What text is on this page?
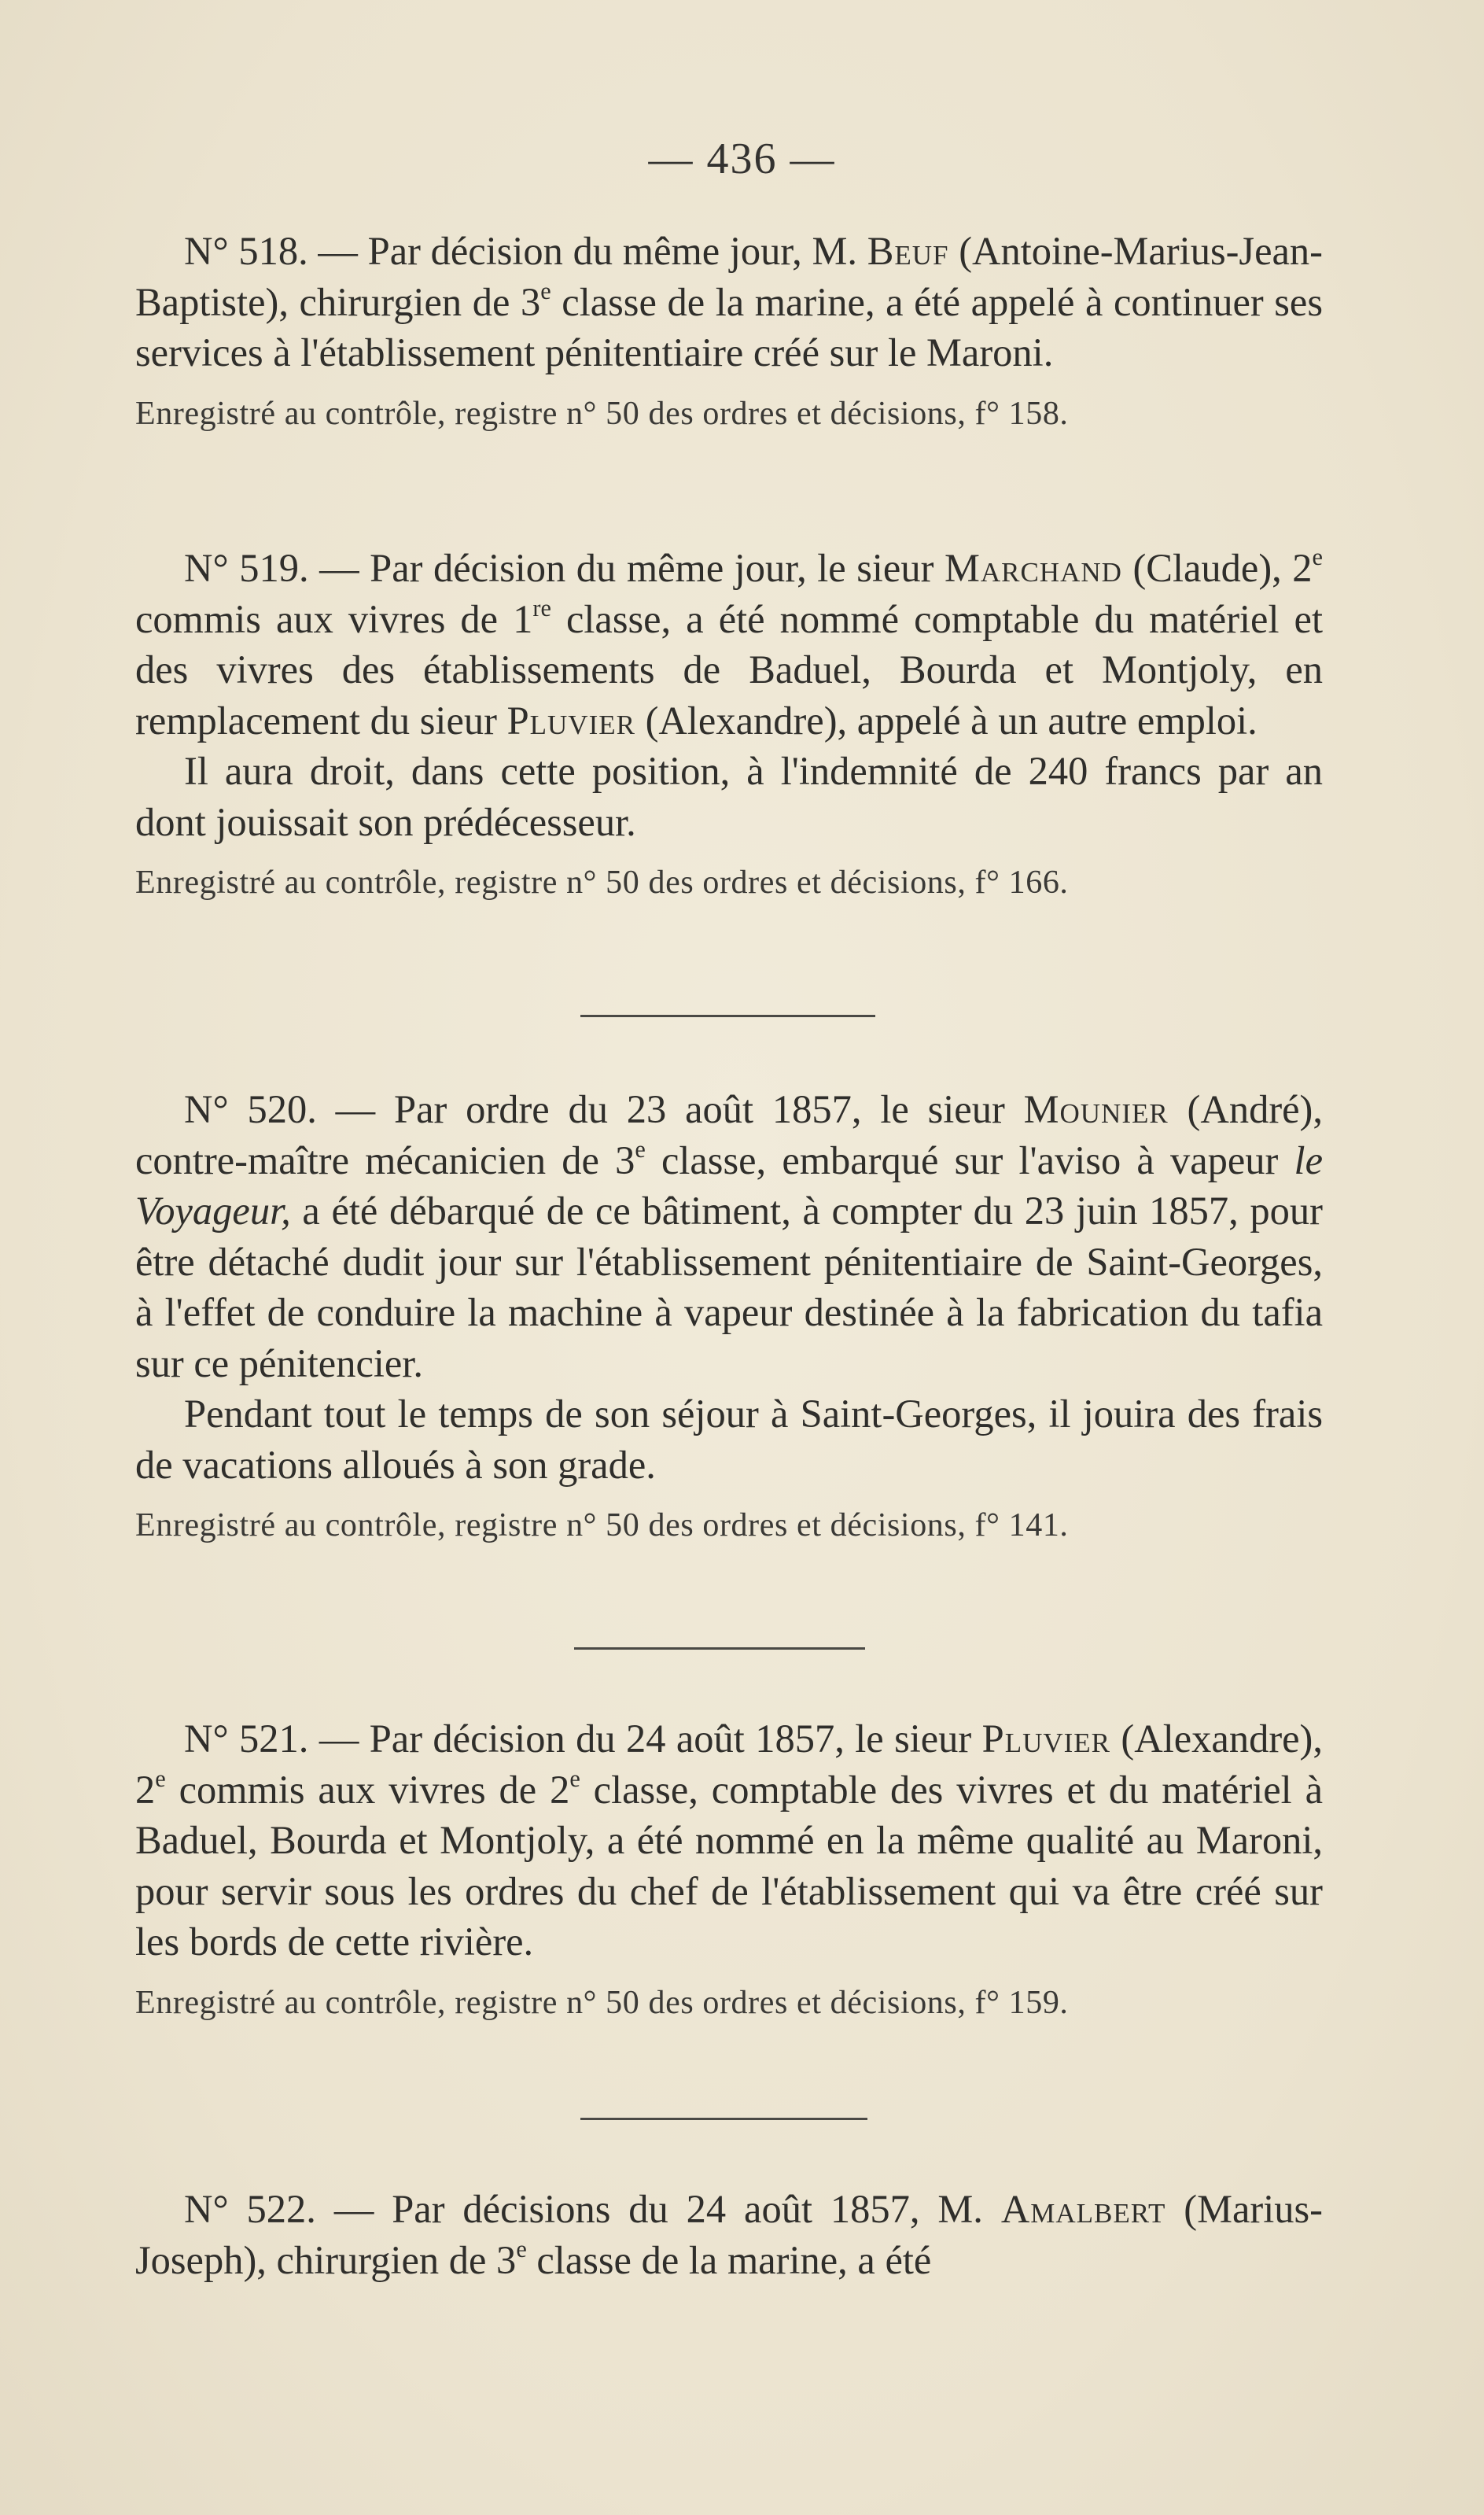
— 436 —

N° 518. — Par décision du même jour, M. Beuf (Antoine-Marius-Jean-Baptiste), chirurgien de 3e classe de la marine, a été appelé à continuer ses services à l'établissement pénitentiaire créé sur le Maroni.

Enregistré au contrôle, registre n° 50 des ordres et décisions, f° 158.

N° 519. — Par décision du même jour, le sieur Marchand (Claude), 2e commis aux vivres de 1re classe, a été nommé comptable du matériel et des vivres des établissements de Baduel, Bourda et Montjoly, en remplacement du sieur Pluvier (Alexandre), appelé à un autre emploi.

Il aura droit, dans cette position, à l'indemnité de 240 francs par an dont jouissait son prédécesseur.

Enregistré au contrôle, registre n° 50 des ordres et décisions, f° 166.

N° 520. — Par ordre du 23 août 1857, le sieur Mounier (André), contre-maître mécanicien de 3e classe, embarqué sur l'aviso à vapeur le Voyageur, a été débarqué de ce bâtiment, à compter du 23 juin 1857, pour être détaché dudit jour sur l'établissement pénitentiaire de Saint-Georges, à l'effet de conduire la machine à vapeur destinée à la fabrication du tafia sur ce pénitencier.

Pendant tout le temps de son séjour à Saint-Georges, il jouira des frais de vacations alloués à son grade.

Enregistré au contrôle, registre n° 50 des ordres et décisions, f° 141.

N° 521. — Par décision du 24 août 1857, le sieur Pluvier (Alexandre), 2e commis aux vivres de 2e classe, comptable des vivres et du matériel à Baduel, Bourda et Montjoly, a été nommé en la même qualité au Maroni, pour servir sous les ordres du chef de l'établissement qui va être créé sur les bords de cette rivière.

Enregistré au contrôle, registre n° 50 des ordres et décisions, f° 159.

N° 522. — Par décisions du 24 août 1857, M. Amalbert (Marius-Joseph), chirurgien de 3e classe de la marine, a été
